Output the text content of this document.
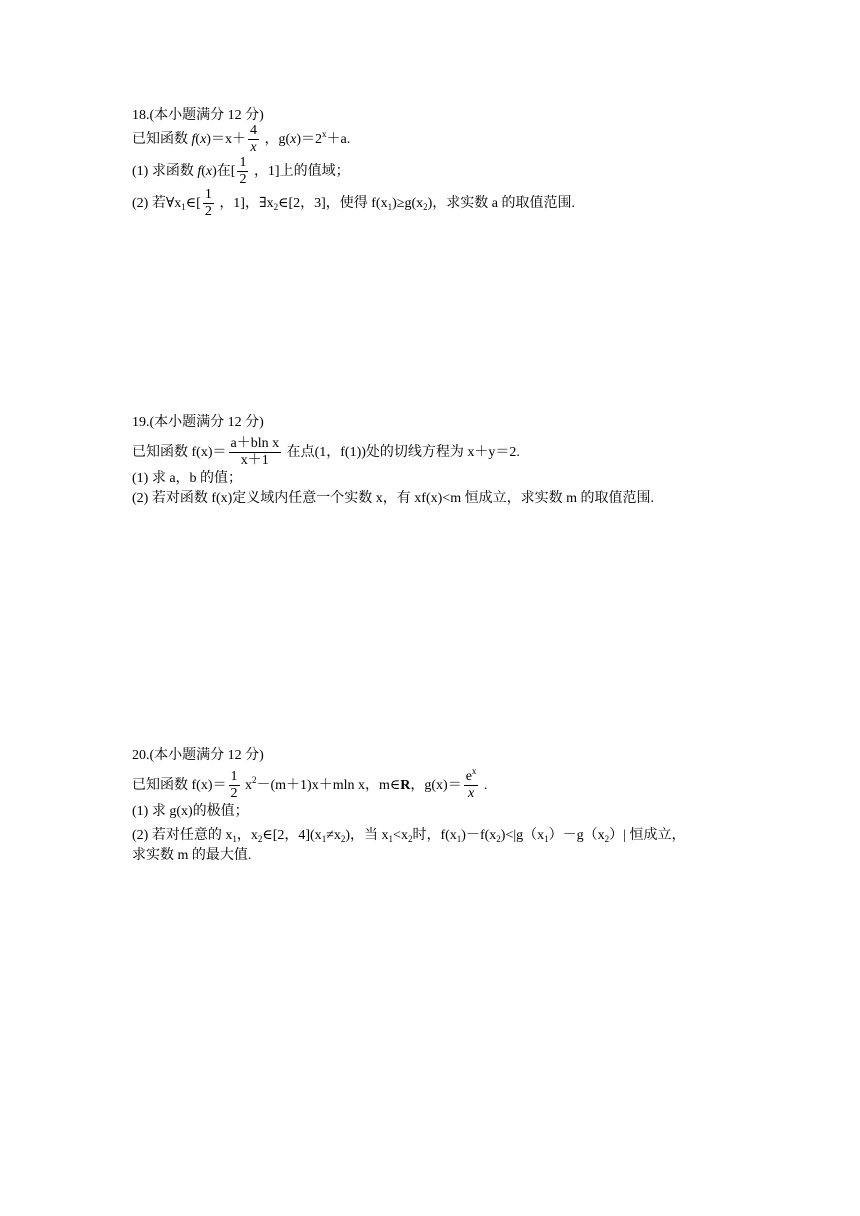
18.(本小题满分 12 分)
已知函数 $f(x)=x+ \frac{4}{x}$ ，$g(x)=2^x+a$.
(1) 求函数 f(x)在[ $\frac{1}{2}$ ，1]上的值域；
(2) 若$\forall x_1\in[ \frac{1}{2}$ ，1]，$\exists x_2\in[2$，3]，使得 $f(x_1)\ge g(x_2)$，求实数 a 的取值范围.
19.(本小题满分 12 分)
已知函数 $f(x)= \frac{\text{a＋bln x}}{x+1}$ 在点(1，f(1))处的切线方程为 x＋y＝2.
(1) 求 a，b 的值；
(2) 若对函数 f(x)定义域内任意一个实数 x，有 xf(x)<m 恒成立，求实数 m 的取值范围.
20.(本小题满分 12 分)
已知函数 $f(x)= \frac{1}{2} x^2-(m+1)x+mln$ x，m∈R，$g(x)= \frac{e^x}{x}$ .
(1) 求 g(x)的极值；
(2) 若对任意的 $x_1$，$x_2\in[2$，$4](x_1\ne x_2)$，当 $x_1<x_2$时，$f(x_1)-f(x_2)<|g(x_1)-g(x_2)|$ 恒成立，
求实数 m 的最大值.
